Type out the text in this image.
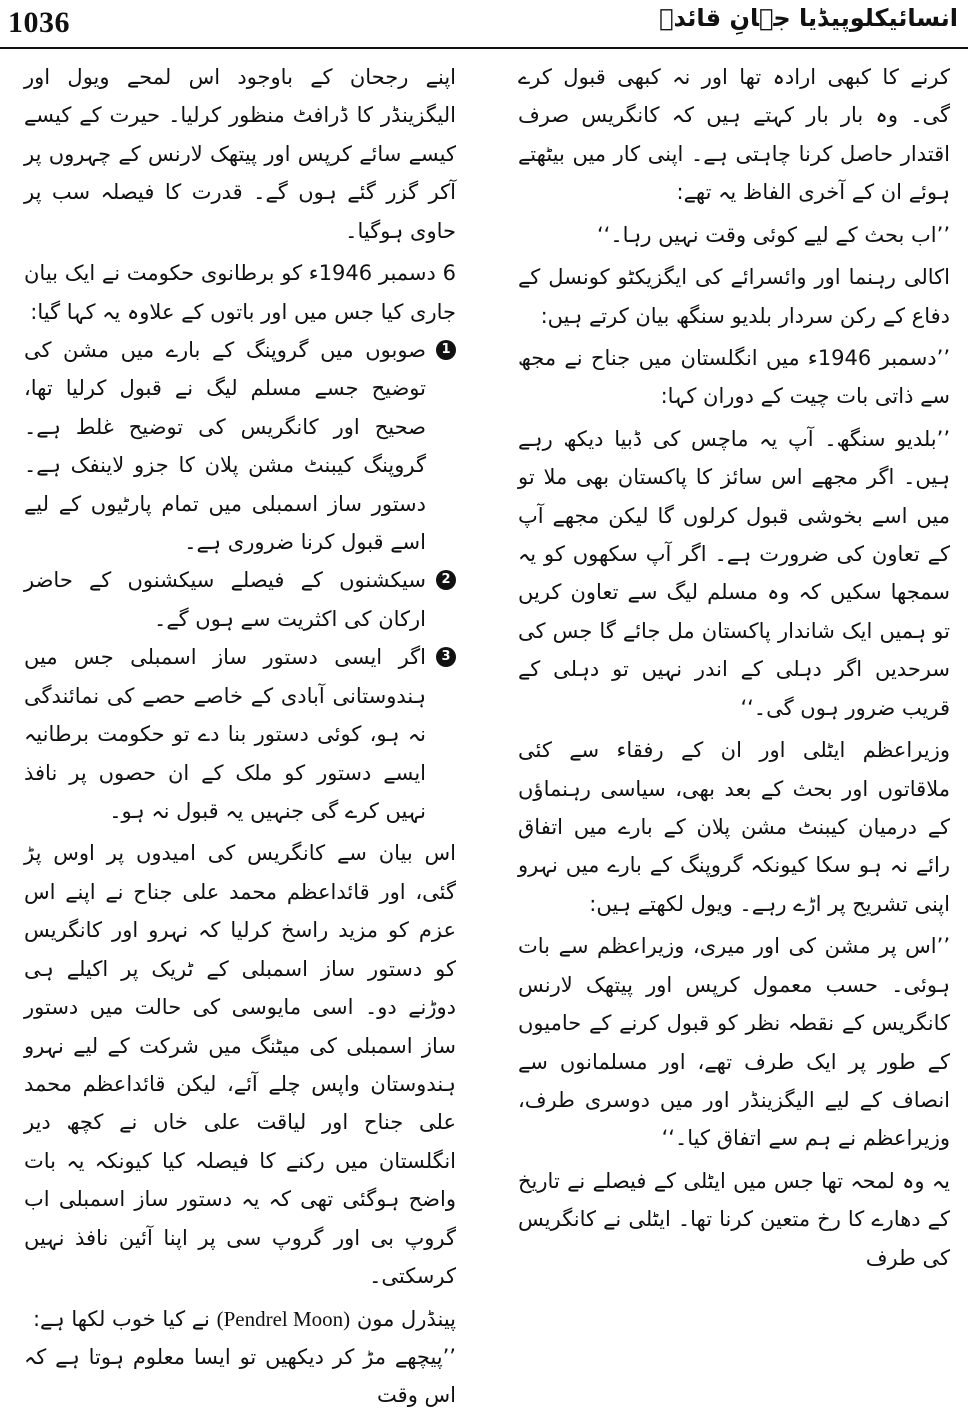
1036	انسائیکلوپیڈیا جہانِ قائدؒ

کرنے کا کبھی ارادہ تھا اور نہ کبھی قبول کرے گی۔ وہ بار بار کہتے ہیں کہ کانگریس صرف اقتدار حاصل کرنا چاہتی ہے۔ اپنی کار میں بیٹھتے ہوئے ان کے آخری الفاظ یہ تھے:

’’اب بحث کے لیے کوئی وقت نہیں رہا۔‘‘

اکالی رہنما اور وائسرائے کی ایگزیکٹو کونسل کے دفاع کے رکن سردار بلدیو سنگھ بیان کرتے ہیں:

’’دسمبر 1946ء میں انگلستان میں جناح نے مجھ سے ذاتی بات چیت کے دوران کہا:

’’بلدیو سنگھ۔ آپ یہ ماچس کی ڈبیا دیکھ رہے ہیں۔ اگر مجھے اس سائز کا پاکستان بھی ملا تو میں اسے بخوشی قبول کرلوں گا لیکن مجھے آپ کے تعاون کی ضرورت ہے۔ اگر آپ سکھوں کو یہ سمجھا سکیں کہ وہ مسلم لیگ سے تعاون کریں تو ہمیں ایک شاندار پاکستان مل جائے گا جس کی سرحدیں اگر دہلی کے اندر نہیں تو دہلی کے قریب ضرور ہوں گی۔‘‘

وزیراعظم ایٹلی اور ان کے رفقاء سے کئی ملاقاتوں اور بحث کے بعد بھی، سیاسی رہنماؤں کے درمیان کیبنٹ مشن پلان کے بارے میں اتفاق رائے نہ ہو سکا کیونکہ گروپنگ کے بارے میں نہرو اپنی تشریح پر اڑے رہے۔ ویول لکھتے ہیں:

’’اس پر مشن کی اور میری، وزیراعظم سے بات ہوئی۔ حسب معمول کرپس اور پیتھک لارنس کانگریس کے نقطہ نظر کو قبول کرنے کے حامیوں کے طور پر ایک طرف تھے، اور مسلمانوں سے انصاف کے لیے الیگزینڈر اور میں دوسری طرف، وزیراعظم نے ہم سے اتفاق کیا۔‘‘

یہ وہ لمحہ تھا جس میں ایٹلی کے فیصلے نے تاریخ کے دھارے کا رخ متعین کرنا تھا۔ ایٹلی نے کانگریس کی طرف

اپنے رجحان کے باوجود اس لمحے ویول اور الیگزینڈر کا ڈرافٹ منظور کرلیا۔ حیرت کے کیسے کیسے سائے کرپس اور پیتھک لارنس کے چہروں پر آکر گزر گئے ہوں گے۔ قدرت کا فیصلہ سب پر حاوی ہوگیا۔

6 دسمبر 1946ء کو برطانوی حکومت نے ایک بیان جاری کیا جس میں اور باتوں کے علاوہ یہ کہا گیا:

1
صوبوں میں گروپنگ کے بارے میں مشن کی توضیح جسے مسلم لیگ نے قبول کرلیا تھا، صحیح اور کانگریس کی توضیح غلط ہے۔ گروپنگ کیبنٹ مشن پلان کا جزو لاینفک ہے۔ دستور ساز اسمبلی میں تمام پارٹیوں کے لیے اسے قبول کرنا ضروری ہے۔
2
سیکشنوں کے فیصلے سیکشنوں کے حاضر ارکان کی اکثریت سے ہوں گے۔
3
اگر ایسی دستور ساز اسمبلی جس میں ہندوستانی آبادی کے خاصے حصے کی نمائندگی نہ ہو، کوئی دستور بنا دے تو حکومت برطانیہ ایسے دستور کو ملک کے ان حصوں پر نافذ نہیں کرے گی جنہیں یہ قبول نہ ہو۔

اس بیان سے کانگریس کی امیدوں پر اوس پڑ گئی، اور قائداعظم محمد علی جناح نے اپنے اس عزم کو مزید راسخ کرلیا کہ نہرو اور کانگریس کو دستور ساز اسمبلی کے ٹریک پر اکیلے ہی دوڑنے دو۔ اسی مایوسی کی حالت میں دستور ساز اسمبلی کی میٹنگ میں شرکت کے لیے نہرو ہندوستان واپس چلے آئے، لیکن قائداعظم محمد علی جناح اور لیاقت علی خاں نے کچھ دیر انگلستان میں رکنے کا فیصلہ کیا کیونکہ یہ بات واضح ہوگئی تھی کہ یہ دستور ساز اسمبلی اب گروپ بی اور گروپ سی پر اپنا آئین نافذ نہیں کرسکتی۔

پینڈرل مون (Pendrel Moon) نے کیا خوب لکھا ہے:

’’پیچھے مڑ کر دیکھیں تو ایسا معلوم ہوتا ہے کہ اس وقت
